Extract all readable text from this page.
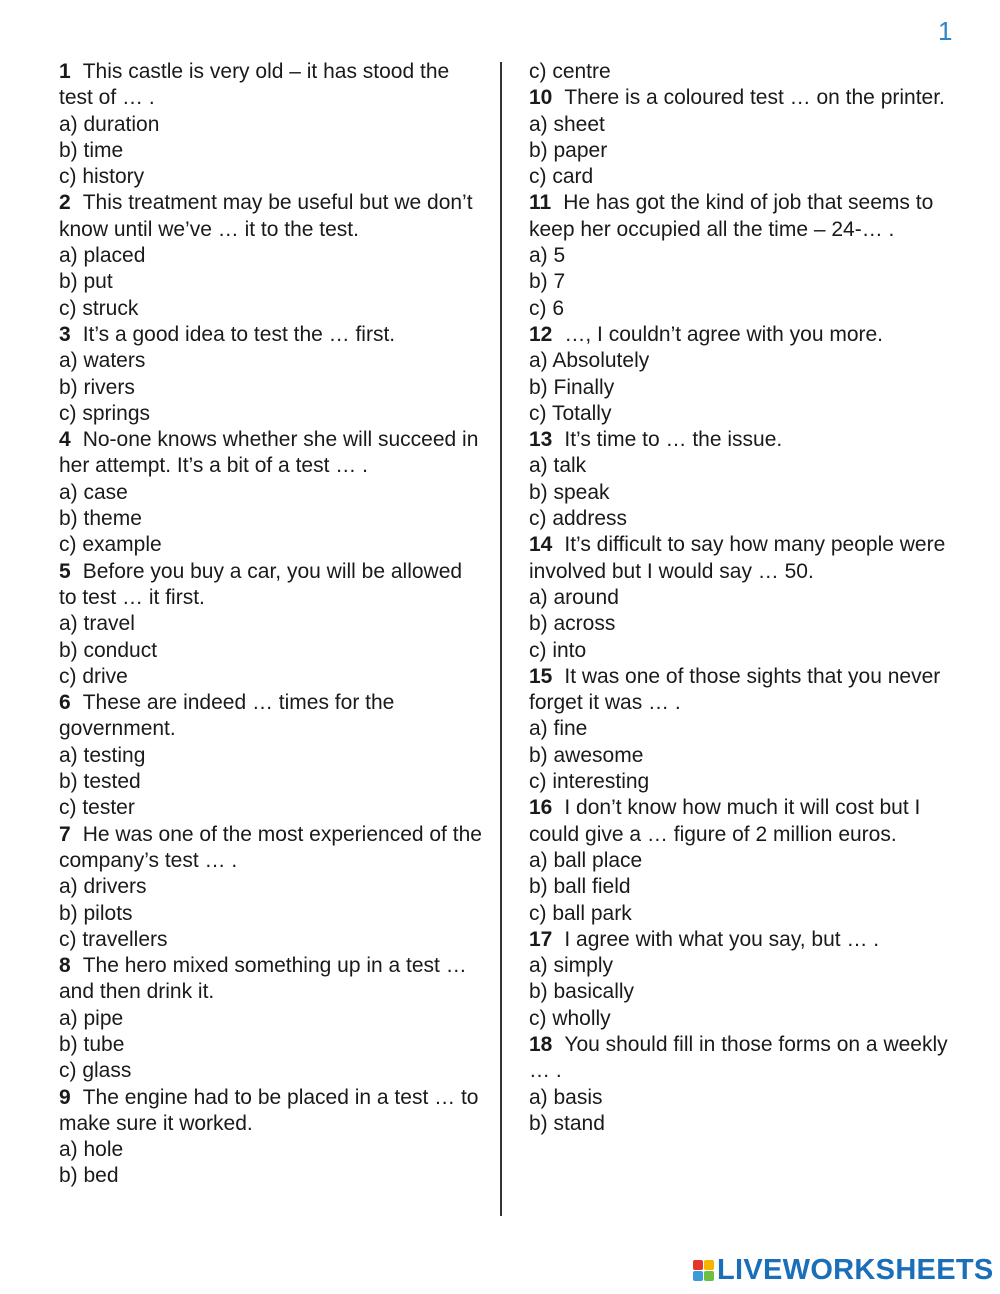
1
1 This castle is very old – it has stood the test of … .
a) duration
b) time
c) history
2 This treatment may be useful but we don’t know until we’ve … it to the test.
a) placed
b) put
c) struck
3 It’s a good idea to test the … first.
a) waters
b) rivers
c) springs
4 No-one knows whether she will succeed in her attempt. It’s a bit of a test … .
a) case
b) theme
c) example
5 Before you buy a car, you will be allowed to test … it first.
a) travel
b) conduct
c) drive
6 These are indeed … times for the government.
a) testing
b) tested
c) tester
7 He was one of the most experienced of the company’s test … .
a) drivers
b) pilots
c) travellers
8 The hero mixed something up in a test … and then drink it.
a) pipe
b) tube
c) glass
9 The engine had to be placed in a test … to make sure it worked.
a) hole
b) bed
c) centre
10 There is a coloured test … on the printer.
a) sheet
b) paper
c) card
11 He has got the kind of job that seems to keep her occupied all the time – 24-… .
a) 5
b) 7
c) 6
12 …, I couldn’t agree with you more.
a) Absolutely
b) Finally
c) Totally
13 It’s time to … the issue.
a) talk
b) speak
c) address
14 It’s difficult to say how many people were involved but I would say … 50.
a) around
b) across
c) into
15 It was one of those sights that you never forget it was … .
a) fine
b) awesome
c) interesting
16 I don’t know how much it will cost but I could give a … figure of 2 million euros.
a) ball place
b) ball field
c) ball park
17 I agree with what you say, but … .
a) simply
b) basically
c) wholly
18 You should fill in those forms on a weekly … .
a) basis
b) stand
LIVEWORKSHEETS
